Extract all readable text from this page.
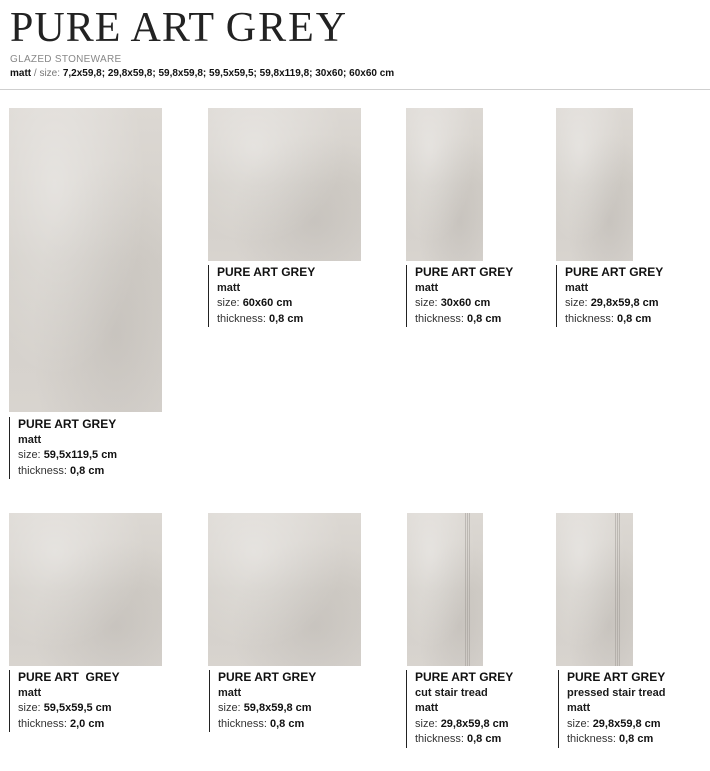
PURE ART GREY
GLAZED STONEWARE
matt / size: 7,2x59,8; 29,8x59,8; 59,8x59,8; 59,5x59,5; 59,8x119,8; 30x60; 60x60 cm
PURE ART GREY
matt
size: 59,5x119,5 cm
thickness: 0,8 cm
PURE ART GREY
matt
size: 60x60 cm
thickness: 0,8 cm
PURE ART GREY
matt
size: 30x60 cm
thickness: 0,8 cm
PURE ART GREY
matt
size: 29,8x59,8 cm
thickness: 0,8 cm
PURE ART  GREY
matt
size: 59,5x59,5 cm
thickness: 2,0 cm
PURE ART GREY
matt
size: 59,8x59,8 cm
thickness: 0,8 cm
PURE ART GREY
cut stair tread
matt
size: 29,8x59,8 cm
thickness: 0,8 cm
PURE ART GREY
pressed stair tread
matt
size: 29,8x59,8 cm
thickness: 0,8 cm
